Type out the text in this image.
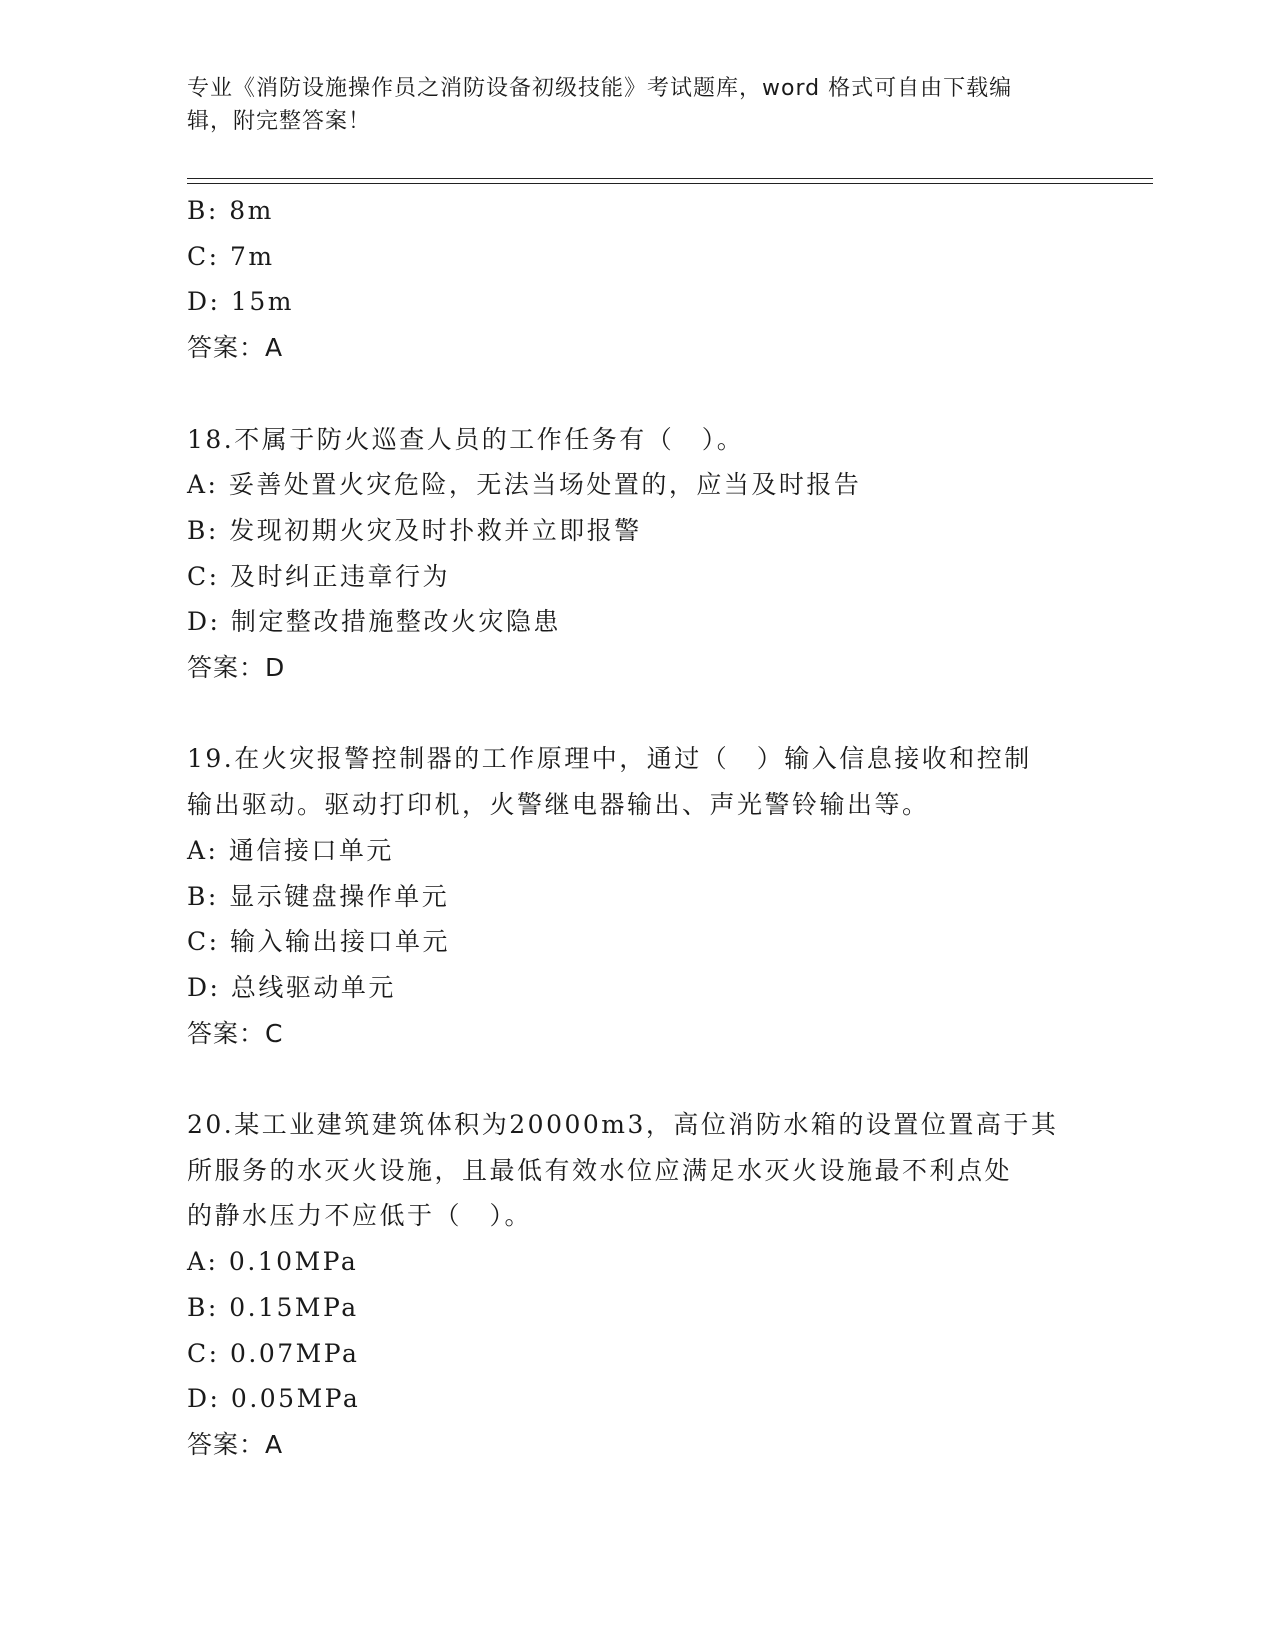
专业《消防设施操作员之消防设备初级技能》考试题库，word 格式可自由下载编
辑，附完整答案！
B: 8m
C: 7m
D: 15m
答案：A
18.不属于防火巡查人员的工作任务有（　）。
A: 妥善处置火灾危险，无法当场处置的，应当及时报告
B: 发现初期火灾及时扑救并立即报警
C: 及时纠正违章行为
D: 制定整改措施整改火灾隐患
答案：D
19.在火灾报警控制器的工作原理中，通过（　）输入信息接收和控制
输出驱动。驱动打印机，火警继电器输出、声光警铃输出等。
A: 通信接口单元
B: 显示键盘操作单元
C: 输入输出接口单元
D: 总线驱动单元
答案：C
20.某工业建筑建筑体积为20000m3，高位消防水箱的设置位置高于其
所服务的水灭火设施，且最低有效水位应满足水灭火设施最不利点处
的静水压力不应低于（　）。
A: 0.10MPa
B: 0.15MPa
C: 0.07MPa
D: 0.05MPa
答案：A
